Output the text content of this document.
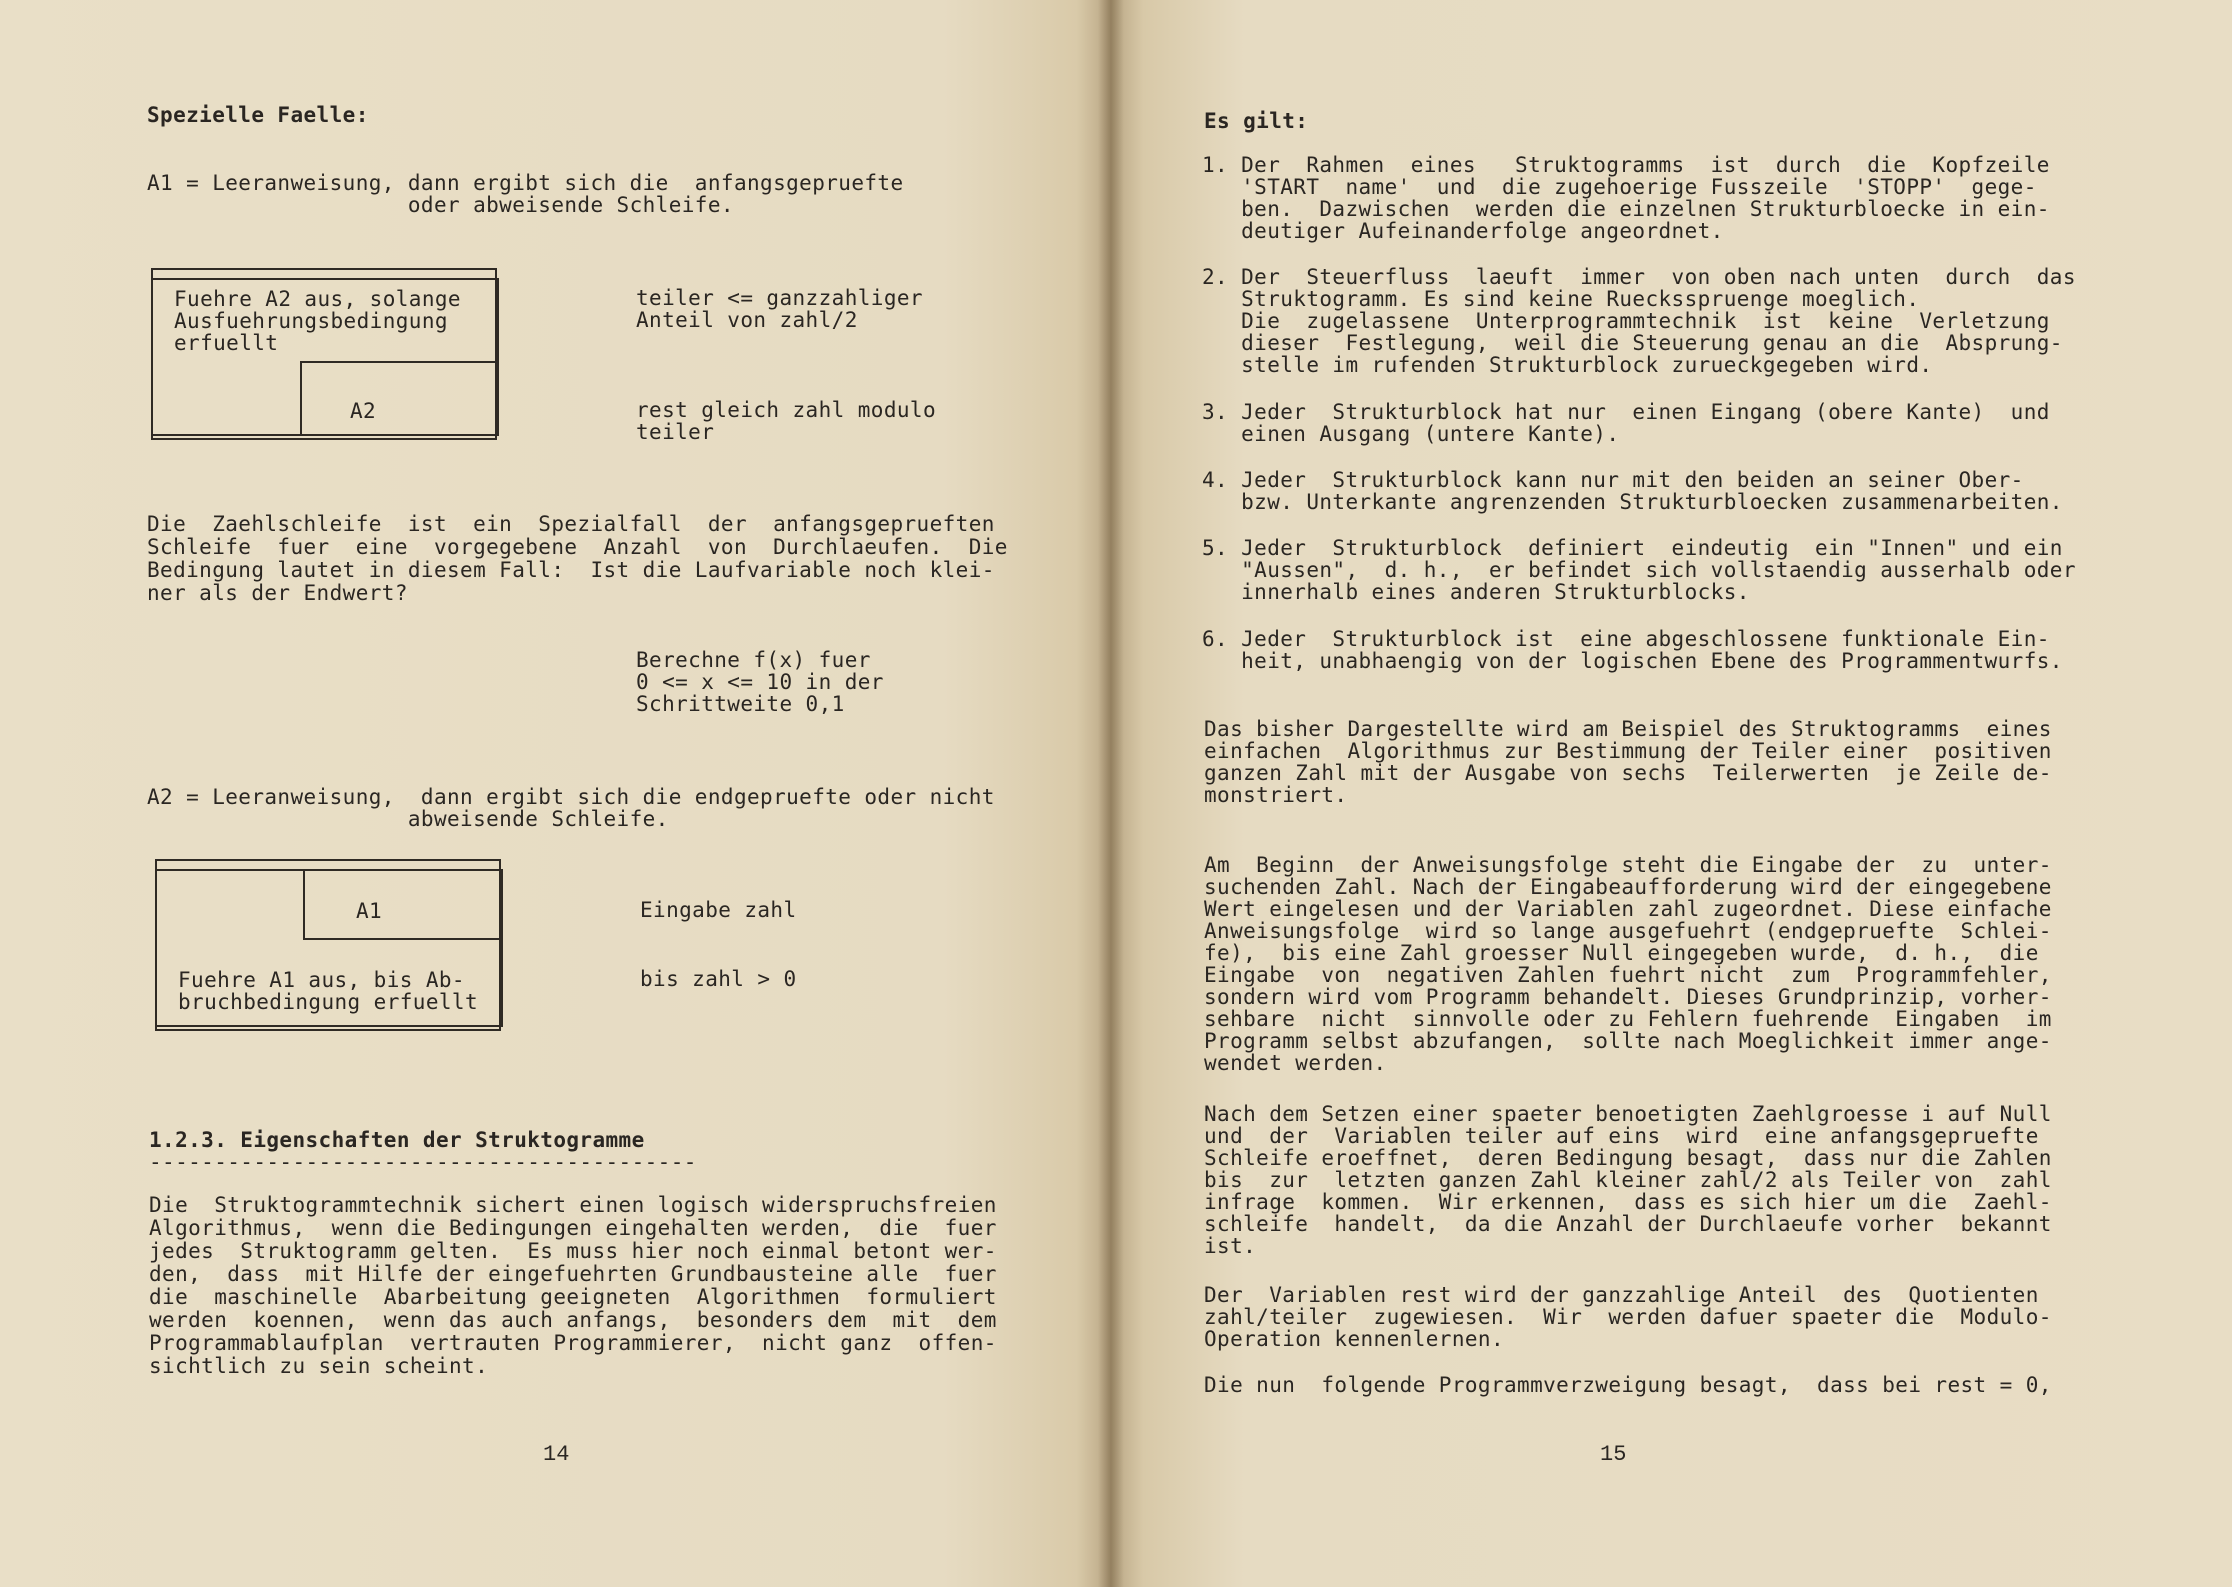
Spezielle Faelle:
A1 = Leeranweisung, dann ergibt sich die  anfangsgepruefte
oder abweisende Schleife.
Fuehre A2 aus, solange
Ausfuehrungsbedingung
erfuellt
A2
teiler <= ganzzahliger
Anteil von zahl/2
rest gleich zahl modulo
teiler
Die  Zaehlschleife  ist  ein  Spezialfall  der  anfangsgeprueften
Schleife  fuer  eine  vorgegebene  Anzahl  von  Durchlaeufen.  Die
Bedingung lautet in diesem Fall:  Ist die Laufvariable noch klei-
ner als der Endwert?
Berechne f(x) fuer
0 <= x <= 10 in der
Schrittweite 0,1
A2 = Leeranweisung,  dann ergibt sich die endgepruefte oder nicht
abweisende Schleife.
A1
Fuehre A1 aus, bis Ab-
bruchbedingung erfuellt
Eingabe zahl
bis zahl > 0
1.2.3. Eigenschaften der Struktogramme
------------------------------------------
Die  Struktogrammtechnik sichert einen logisch widerspruchsfreien
Algorithmus,  wenn die Bedingungen eingehalten werden,  die  fuer
jedes  Struktogramm gelten.  Es muss hier noch einmal betont wer-
den,  dass  mit Hilfe der eingefuehrten Grundbausteine alle  fuer
die  maschinelle  Abarbeitung geeigneten  Algorithmen  formuliert
werden  koennen,  wenn das auch anfangs,  besonders dem  mit  dem
Programmablaufplan  vertrauten Programmierer,  nicht ganz  offen-
sichtlich zu sein scheint.
14
Es gilt:
1. Der  Rahmen  eines   Struktogramms  ist  durch  die  Kopfzeile
'START  name'  und  die zugehoerige Fusszeile  'STOPP'  gege-
ben.  Dazwischen  werden die einzelnen Strukturbloecke in ein-
deutiger Aufeinanderfolge angeordnet.
2. Der  Steuerfluss  laeuft  immer  von oben nach unten  durch  das
Struktogramm. Es sind keine Ruecksspruenge moeglich.
Die  zugelassene  Unterprogrammtechnik  ist  keine  Verletzung
dieser  Festlegung,  weil die Steuerung genau an die  Absprung-
stelle im rufenden Strukturblock zurueckgegeben wird.
3. Jeder  Strukturblock hat nur  einen Eingang (obere Kante)  und
einen Ausgang (untere Kante).
4. Jeder  Strukturblock kann nur mit den beiden an seiner Ober-
bzw. Unterkante angrenzenden Strukturbloecken zusammenarbeiten.
5. Jeder  Strukturblock  definiert  eindeutig  ein "Innen" und ein
"Aussen",  d. h.,  er befindet sich vollstaendig ausserhalb oder
innerhalb eines anderen Strukturblocks.
6. Jeder  Strukturblock ist  eine abgeschlossene funktionale Ein-
heit, unabhaengig von der logischen Ebene des Programmentwurfs.
Das bisher Dargestellte wird am Beispiel des Struktogramms  eines
einfachen  Algorithmus zur Bestimmung der Teiler einer  positiven
ganzen Zahl mit der Ausgabe von sechs  Teilerwerten  je Zeile de-
monstriert.
Am  Beginn  der Anweisungsfolge steht die Eingabe der  zu  unter-
suchenden Zahl. Nach der Eingabeaufforderung wird der eingegebene
Wert eingelesen und der Variablen zahl zugeordnet. Diese einfache
Anweisungsfolge  wird so lange ausgefuehrt (endgepruefte  Schlei-
fe),  bis eine Zahl groesser Null eingegeben wurde,  d. h.,  die
Eingabe  von  negativen Zahlen fuehrt nicht  zum  Programmfehler,
sondern wird vom Programm behandelt. Dieses Grundprinzip, vorher-
sehbare  nicht  sinnvolle oder zu Fehlern fuehrende  Eingaben  im
Programm selbst abzufangen,  sollte nach Moeglichkeit immer ange-
wendet werden.
Nach dem Setzen einer spaeter benoetigten Zaehlgroesse i auf Null
und  der  Variablen teiler auf eins  wird  eine anfangsgepruefte
Schleife eroeffnet,  deren Bedingung besagt,  dass nur die Zahlen
bis  zur  letzten ganzen Zahl kleiner zahl/2 als Teiler von  zahl
infrage  kommen.  Wir erkennen,  dass es sich hier um die  Zaehl-
schleife  handelt,  da die Anzahl der Durchlaeufe vorher  bekannt
ist.
Der  Variablen rest wird der ganzzahlige Anteil  des  Quotienten
zahl/teiler  zugewiesen.  Wir  werden dafuer spaeter die  Modulo-
Operation kennenlernen.
Die nun  folgende Programmverzweigung besagt,  dass bei rest = 0,
15
